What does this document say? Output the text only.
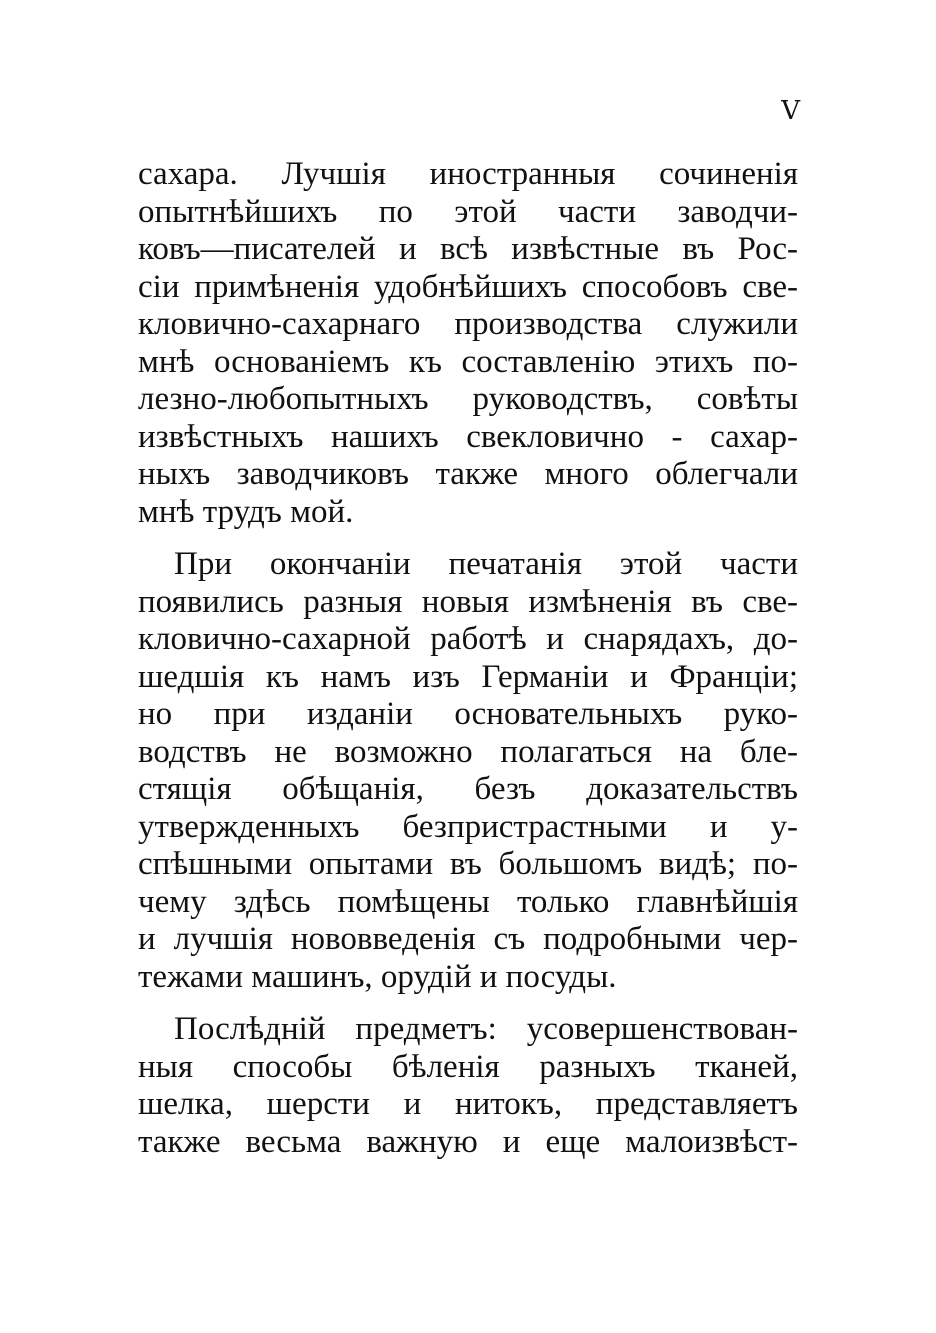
V
сахара. Лучшія иностранныя сочиненія
опытнѣйшихъ по этой части заводчи-
ковъ—писателей и всѣ извѣстные въ Рос-
сіи примѣненія удобнѣйшихъ способовъ све-
кловично-сахарнаго производства служили
мнѣ основаніемъ къ составленію этихъ по-
лезно-любопытныхъ руководствъ, совѣты
извѣстныхъ нашихъ свекловично - сахар-
ныхъ заводчиковъ также много облегчали
мнѣ трудъ мой.
При окончаніи печатанія этой части
появились разныя новыя измѣненія въ све-
кловично-сахарной работѣ и снарядахъ, до-
шедшія къ намъ изъ Германіи и Франціи;
но при изданіи основательныхъ руко-
водствъ не возможно полагаться на бле-
стящія обѣщанія, безъ доказательствъ
утвержденныхъ безпристрастными и у-
спѣшными опытами въ большомъ видѣ; по-
чему здѣсь помѣщены только главнѣйшія
и лучшія нововведенія съ подробными чер-
тежами машинъ, орудій и посуды.
Послѣдній предметъ: усовершенствован-
ныя способы бѣленія разныхъ тканей,
шелка, шерсти и нитокъ, представляетъ
также весьма важную и еще малоизвѣст-
